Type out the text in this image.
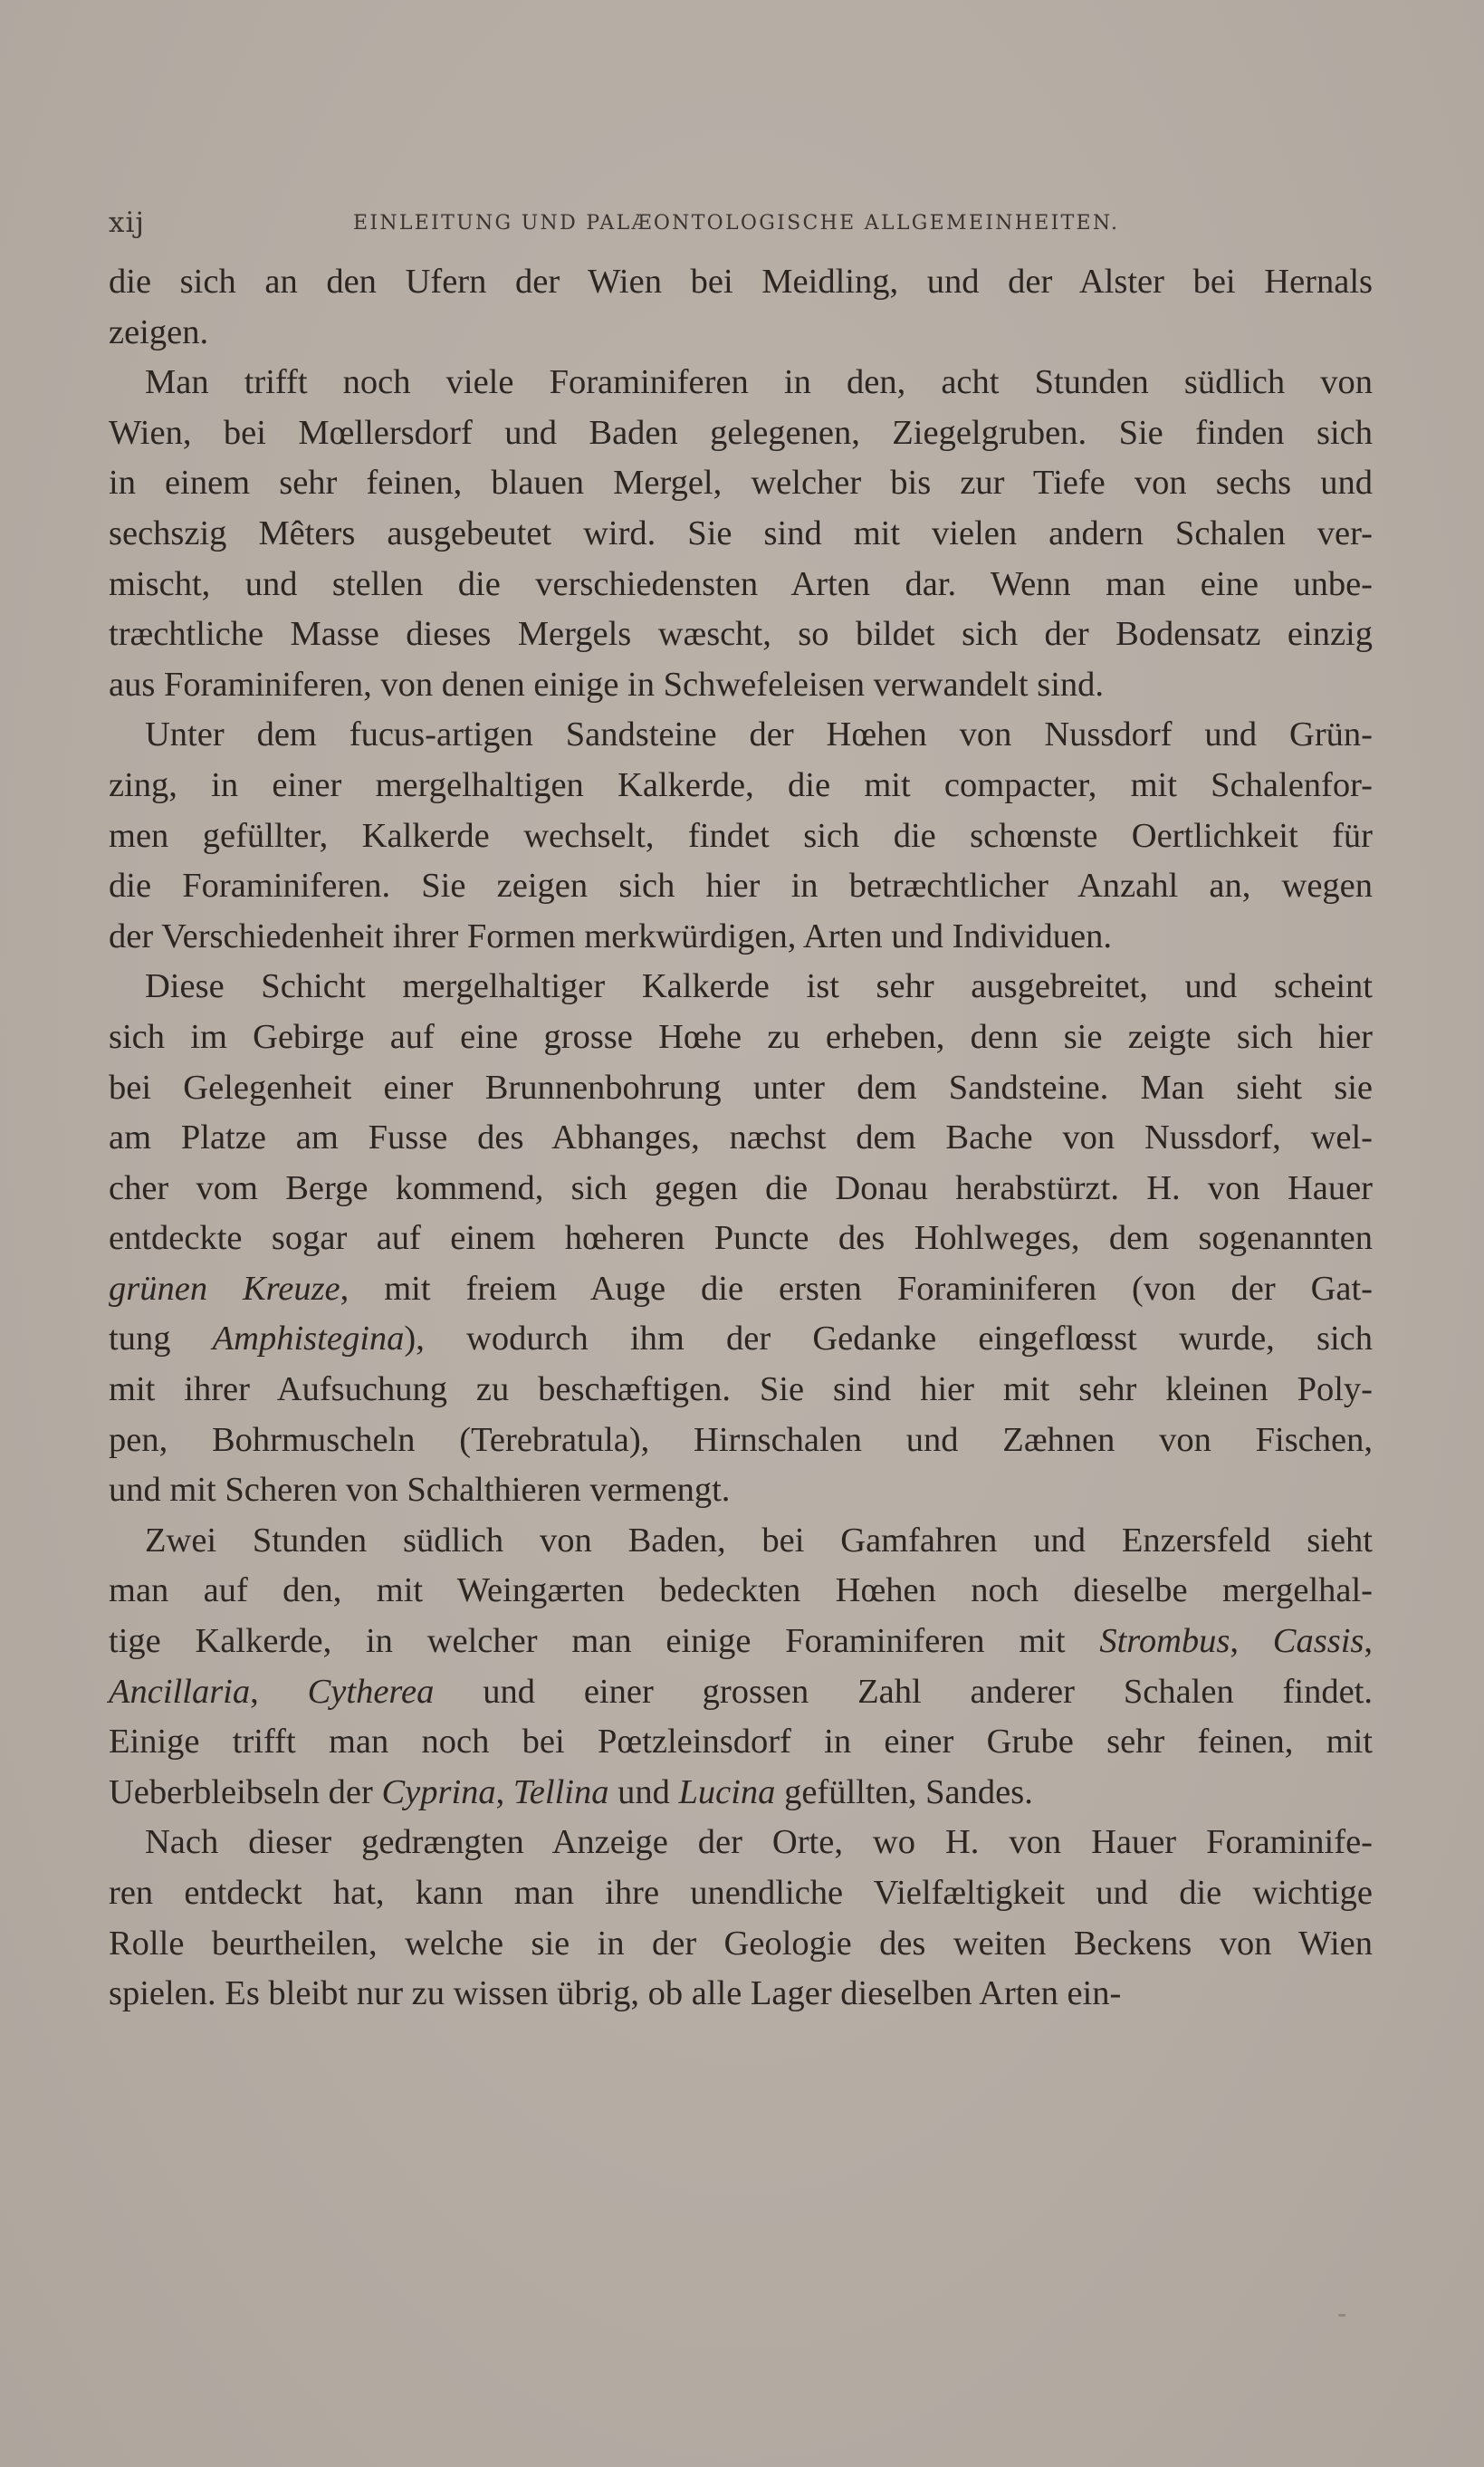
xij	EINLEITUNG UND PALÆONTOLOGISCHE ALLGEMEINHEITEN.
die sich an den Ufern der Wien bei Meidling, und der Alster bei Hernals
zeigen.
Man trifft noch viele Foraminiferen in den, acht Stunden südlich von
Wien, bei Mœllersdorf und Baden gelegenen, Ziegelgruben. Sie finden sich
in einem sehr feinen, blauen Mergel, welcher bis zur Tiefe von sechs und
sechszig Mêters ausgebeutet wird. Sie sind mit vielen andern Schalen ver-
mischt, und stellen die verschiedensten Arten dar. Wenn man eine unbe-
træchtliche Masse dieses Mergels wæscht, so bildet sich der Bodensatz einzig
aus Foraminiferen, von denen einige in Schwefeleisen verwandelt sind.
Unter dem fucus-artigen Sandsteine der Hœhen von Nussdorf und Grün-
zing, in einer mergelhaltigen Kalkerde, die mit compacter, mit Schalenfor-
men gefüllter, Kalkerde wechselt, findet sich die schœnste Oertlichkeit für
die Foraminiferen. Sie zeigen sich hier in betræchtlicher Anzahl an, wegen
der Verschiedenheit ihrer Formen merkwürdigen, Arten und Individuen.
Diese Schicht mergelhaltiger Kalkerde ist sehr ausgebreitet, und scheint
sich im Gebirge auf eine grosse Hœhe zu erheben, denn sie zeigte sich hier
bei Gelegenheit einer Brunnenbohrung unter dem Sandsteine. Man sieht sie
am Platze am Fusse des Abhanges, næchst dem Bache von Nussdorf, wel-
cher vom Berge kommend, sich gegen die Donau herabstürzt. H. von Hauer
entdeckte sogar auf einem hœheren Puncte des Hohlweges, dem sogenannten
grünen Kreuze, mit freiem Auge die ersten Foraminiferen (von der Gat-
tung Amphistegina), wodurch ihm der Gedanke eingeflœsst wurde, sich
mit ihrer Aufsuchung zu beschæftigen. Sie sind hier mit sehr kleinen Poly-
pen, Bohrmuscheln (Terebratula), Hirnschalen und Zæhnen von Fischen,
und mit Scheren von Schalthieren vermengt.
Zwei Stunden südlich von Baden, bei Gamfahren und Enzersfeld sieht
man auf den, mit Weingærten bedeckten Hœhen noch dieselbe mergelhal-
tige Kalkerde, in welcher man einige Foraminiferen mit Strombus, Cassis,
Ancillaria, Cytherea und einer grossen Zahl anderer Schalen findet.
Einige trifft man noch bei Pœtzleinsdorf in einer Grube sehr feinen, mit
Ueberbleibseln der Cyprina, Tellina und Lucina gefüllten, Sandes.
Nach dieser gedrængten Anzeige der Orte, wo H. von Hauer Foraminife-
ren entdeckt hat, kann man ihre unendliche Vielfæltigkeit und die wichtige
Rolle beurtheilen, welche sie in der Geologie des weiten Beckens von Wien
spielen. Es bleibt nur zu wissen übrig, ob alle Lager dieselben Arten ein-
